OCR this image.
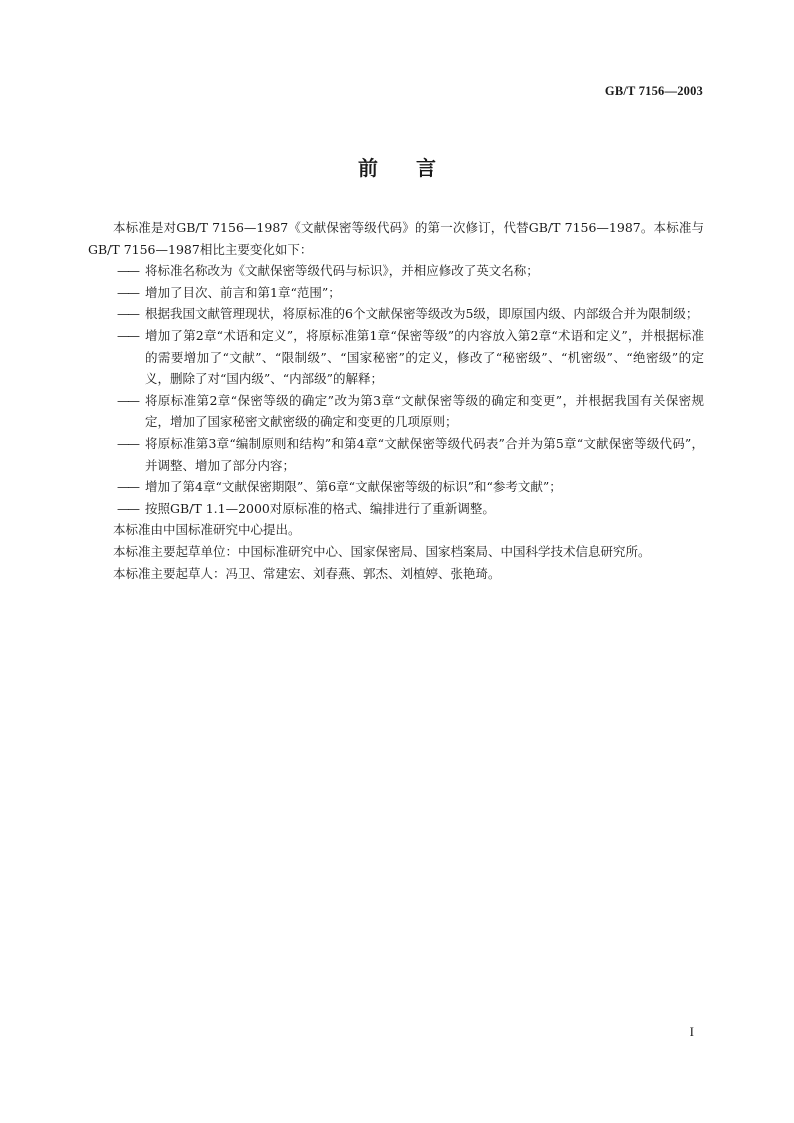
GB/T 7156—2003
前 言

本标准是对GB/T 7156—1987《文献保密等级代码》的第一次修订，代替GB/T 7156—1987。本标准与GB/T 7156—1987相比主要变化如下：

—— 将标准名称改为《文献保密等级代码与标识》，并相应修改了英文名称；

—— 增加了目次、前言和第1章“范围”；

—— 根据我国文献管理现状，将原标准的6个文献保密等级改为5级，即原国内级、内部级合并为限制级；

—— 增加了第2章“术语和定义”，将原标准第1章“保密等级”的内容放入第2章“术语和定义”，并根据标准的需要增加了“文献”、“限制级”、“国家秘密”的定义，修改了“秘密级”、“机密级”、“绝密级”的定义，删除了对“国内级”、“内部级”的解释；

—— 将原标准第2章“保密等级的确定”改为第3章“文献保密等级的确定和变更”，并根据我国有关保密规定，增加了国家秘密文献密级的确定和变更的几项原则；

—— 将原标准第3章“编制原则和结构”和第4章“文献保密等级代码表”合并为第5章“文献保密等级代码”，并调整、增加了部分内容；

—— 增加了第4章“文献保密期限”、第6章“文献保密等级的标识”和“参考文献”；

—— 按照GB/T 1.1—2000对原标准的格式、编排进行了重新调整。

本标准由中国标准研究中心提出。

本标准主要起草单位：中国标准研究中心、国家保密局、国家档案局、中国科学技术信息研究所。

本标准主要起草人：冯卫、常建宏、刘春燕、郭杰、刘植婷、张艳琦。

I
